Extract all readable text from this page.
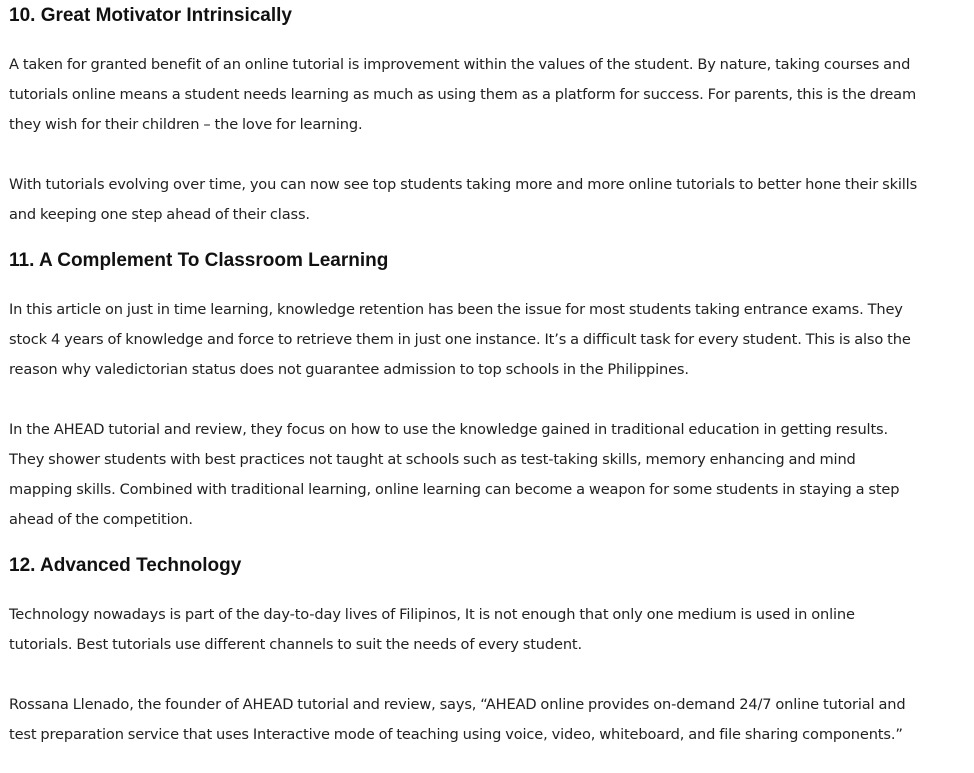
10. Great Motivator Intrinsically

A taken for granted benefit of an online tutorial is improvement within the values of the student. By nature, taking courses and
tutorials online means a student needs learning as much as using them as a platform for success. For parents, this is the dream
they wish for their children – the love for learning.

With tutorials evolving over time, you can now see top students taking more and more online tutorials to better hone their skills
and keeping one step ahead of their class.

11. A Complement To Classroom Learning

In this article on just in time learning, knowledge retention has been the issue for most students taking entrance exams. They
stock 4 years of knowledge and force to retrieve them in just one instance. It’s a difficult task for every student. This is also the
reason why valedictorian status does not guarantee admission to top schools in the Philippines.

In the AHEAD tutorial and review, they focus on how to use the knowledge gained in traditional education in getting results.
They shower students with best practices not taught at schools such as test-taking skills, memory enhancing and mind
mapping skills. Combined with traditional learning, online learning can become a weapon for some students in staying a step
ahead of the competition.

12. Advanced Technology

Technology nowadays is part of the day-to-day lives of Filipinos, It is not enough that only one medium is used in online
tutorials. Best tutorials use different channels to suit the needs of every student.

Rossana Llenado, the founder of AHEAD tutorial and review, says, “AHEAD online provides on-demand 24/7 online tutorial and
test preparation service that uses Interactive mode of teaching using voice, video, whiteboard, and file sharing components.”
